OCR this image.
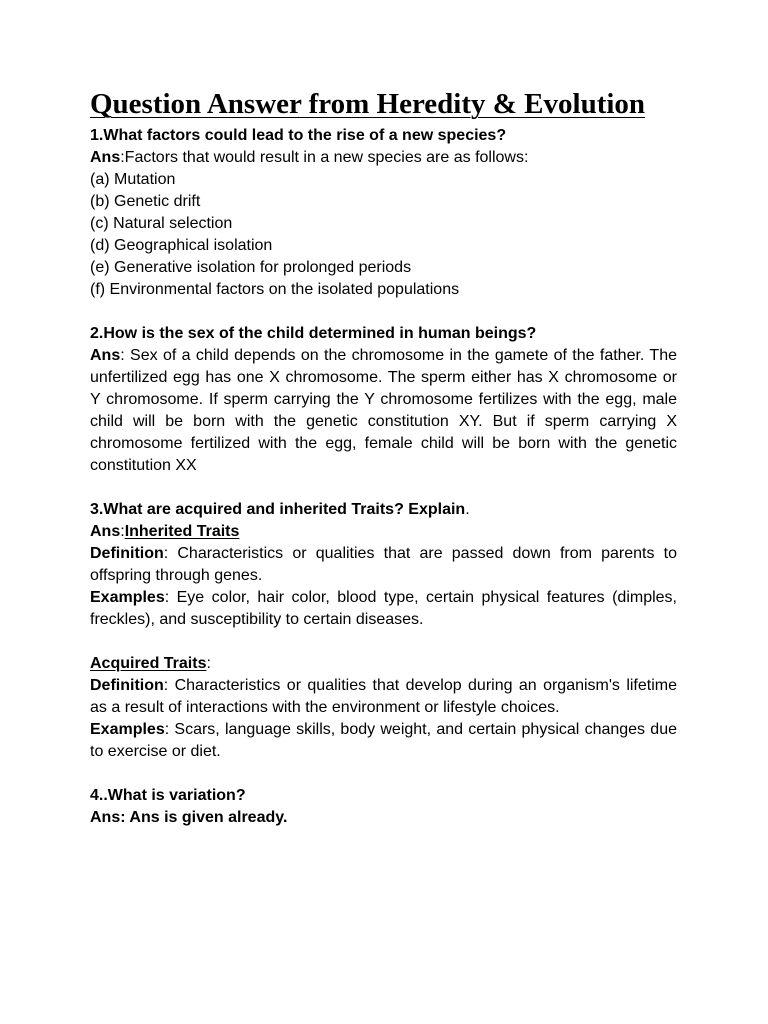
Question Answer from Heredity & Evolution

1.What factors could lead to the rise of a new species?

Ans:Factors that would result in a new species are as follows:

(a) Mutation

(b) Genetic drift

(c) Natural selection

(d) Geographical isolation

(e) Generative isolation for prolonged periods

(f) Environmental factors on the isolated populations

2.How is the sex of the child determined in human beings?

Ans: Sex of a child depends on the chromosome in the gamete of the father. The unfertilized egg has one X chromosome. The sperm either has X chromosome or Y chromosome. If sperm carrying the Y chromosome fertilizes with the egg, male child will be born with the genetic constitution XY. But if sperm carrying X chromosome fertilized with the egg, female child will be born with the genetic constitution XX

3.What are acquired and inherited Traits? Explain.

Ans:Inherited Traits

Definition: Characteristics or qualities that are passed down from parents to offspring through genes.

Examples: Eye color, hair color, blood type, certain physical features (dimples, freckles), and susceptibility to certain diseases.

Acquired Traits:

Definition: Characteristics or qualities that develop during an organism's lifetime as a result of interactions with the environment or lifestyle choices.

Examples: Scars, language skills, body weight, and certain physical changes due to exercise or diet.

4..What is variation?

Ans: Ans is given already.
